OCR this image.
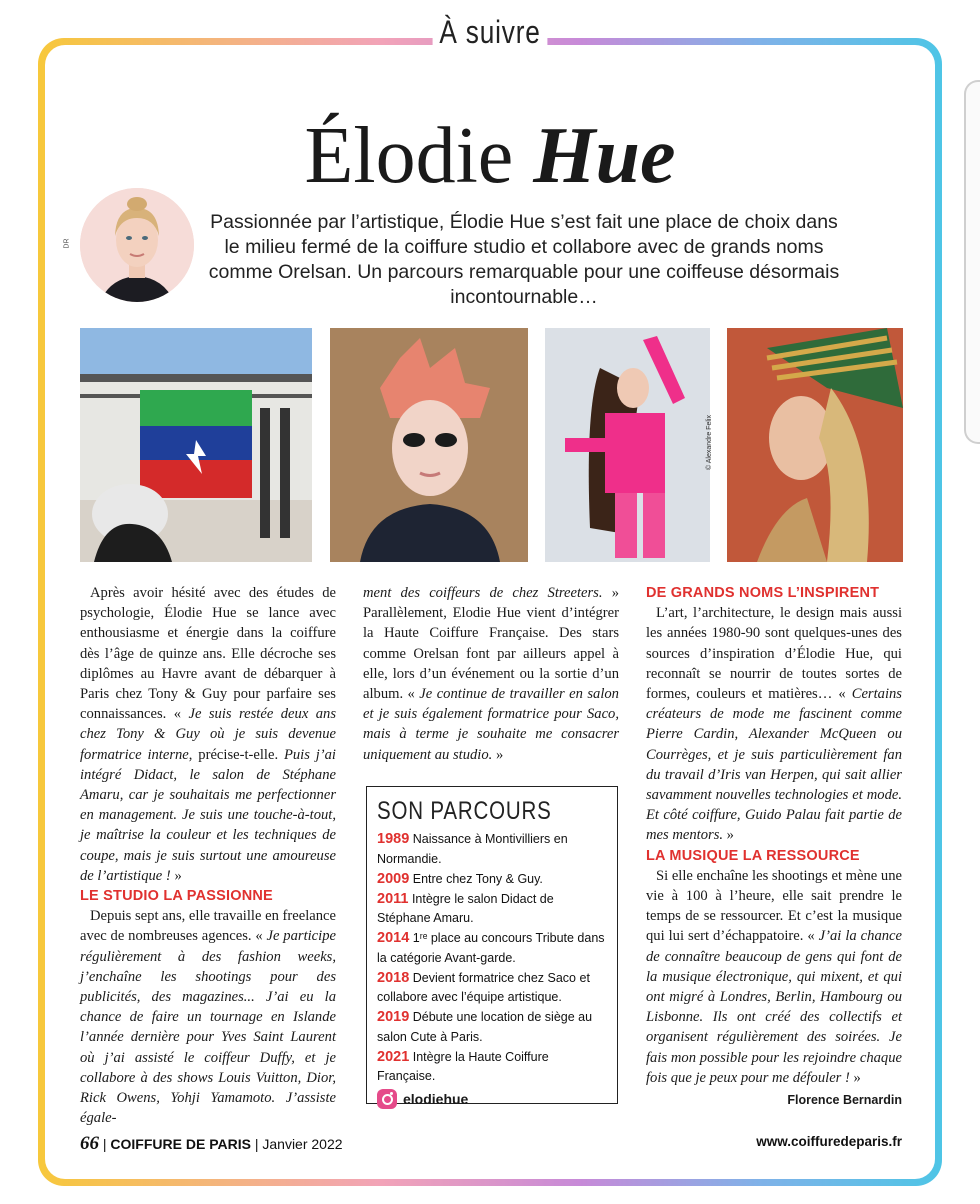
À suivre
Élodie Hue
DR
Passionnée par l’artistique, Élodie Hue s’est fait une place de choix dans le milieu fermé de la coiffure studio et collabore avec de grands noms comme Orelsan. Un parcours remarquable pour une coiffeuse désormais incontournable…
© Alexandre Felix

Après avoir hésité avec des études de psychologie, Élodie Hue se lance avec enthousiasme et énergie dans la coiffure dès l’âge de quinze ans. Elle décroche ses diplômes au Havre avant de débarquer à Paris chez Tony & Guy pour parfaire ses connaissances. « Je suis restée deux ans chez Tony & Guy où je suis devenue formatrice interne, précise-t-elle. Puis j’ai intégré Didact, le salon de Stéphane Amaru, car je souhaitais me perfectionner en management. Je suis une touche-à-tout, je maîtrise la couleur et les techniques de coupe, mais je suis surtout une amoureuse de l’artistique ! »

LE STUDIO LA PASSIONNE

Depuis sept ans, elle travaille en freelance avec de nombreuses agences. « Je participe régulièrement à des fashion weeks, j’enchaîne les shootings pour des publicités, des magazines... J’ai eu la chance de faire un tournage en Islande l’année dernière pour Yves Saint Laurent où j’ai assisté le coiffeur Duffy, et je collabore à des shows Louis Vuitton, Dior, Rick Owens, Yohji Yamamoto. J’assiste égale-

ment des coiffeurs de chez Streeters. » Parallèlement, Elodie Hue vient d’intégrer la Haute Coiffure Française. Des stars comme Orelsan font par ailleurs appel à elle, lors d’un événement ou la sortie d’un album. « Je continue de travailler en salon et je suis également formatrice pour Saco, mais à terme je souhaite me consacrer uniquement au studio. »

SON PARCOURS
1989 Naissance à Montivilliers en Normandie.
2009 Entre chez Tony & Guy.
2011 Intègre le salon Didact de Stéphane Amaru.
2014 1ʳᵉ place au concours Tribute dans la catégorie Avant-garde.
2018 Devient formatrice chez Saco et collabore avec l’équipe artistique.
2019 Débute une location de siège au salon Cute à Paris.
2021 Intègre la Haute Coiffure Française.
elodiehue

DE GRANDS NOMS L’INSPIRENT

L’art, l’architecture, le design mais aussi les années 1980-90 sont quelques-unes des sources d’inspiration d’Élodie Hue, qui reconnaît se nourrir de toutes sortes de formes, couleurs et matières… « Certains créateurs de mode me fascinent comme Pierre Cardin, Alexander McQueen ou Courrèges, et je suis particulièrement fan du travail d’Iris van Herpen, qui sait allier savamment nouvelles technologies et mode. Et côté coiffure, Guido Palau fait partie de mes mentors. »

LA MUSIQUE LA RESSOURCE

Si elle enchaîne les shootings et mène une vie à 100 à l’heure, elle sait prendre le temps de se ressourcer. Et c’est la musique qui lui sert d’échappatoire. « J’ai la chance de connaître beaucoup de gens qui font de la musique électronique, qui mixent, et qui ont migré à Londres, Berlin, Hambourg ou Lisbonne. Ils ont créé des collectifs et organisent régulièrement des soirées. Je fais mon possible pour les rejoindre chaque fois que je peux pour me défouler ! »

Florence Bernardin
66 | COIFFURE DE PARIS | Janvier 2022	www.coiffuredeparis.fr
